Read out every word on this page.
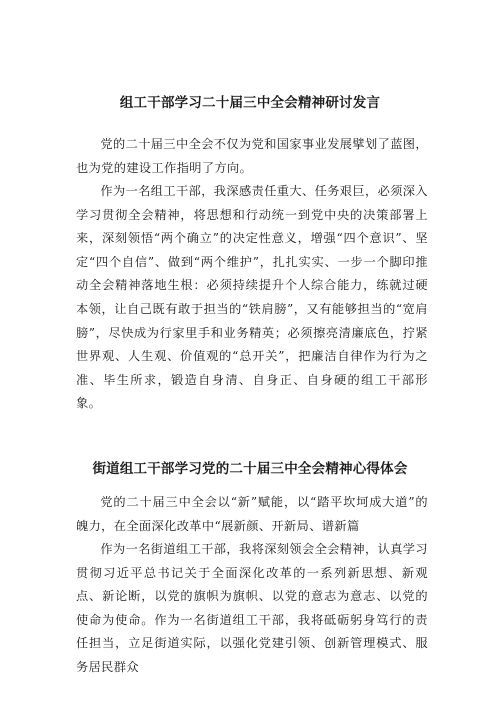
组工干部学习二十届三中全会精神研讨发言

党的二十届三中全会不仅为党和国家事业发展擘划了蓝图，也为党的建设工作指明了方向。

作为一名组工干部，我深感责任重大、任务艰巨，必须深入学习贯彻全会精神，将思想和行动统一到党中央的决策部署上来，深刻领悟“两个确立”的决定性意义，增强“四个意识”、坚定“四个自信”、做到“两个维护”，扎扎实实、一步一个脚印推动全会精神落地生根：必须持续提升个人综合能力，练就过硬本领，让自己既有敢于担当的“铁肩膀”，又有能够担当的“宽肩膀”，尽快成为行家里手和业务精英；必须擦亮清廉底色，拧紧世界观、人生观、价值观的“总开关”，把廉洁自律作为行为之准、毕生所求，锻造自身清、自身正、自身硬的组工干部形象。

街道组工干部学习党的二十届三中全会精神心得体会

党的二十届三中全会以“新”赋能，以“踏平坎坷成大道”的魄力，在全面深化改革中“展新颜、开新局、谱新篇

作为一名街道组工干部，我将深刻领会全会精神，认真学习贯彻习近平总书记关于全面深化改革的一系列新思想、新观点、新论断，以党的旗帜为旗帜、以党的意志为意志、以党的使命为使命。作为一名街道组工干部，我将砥砺躬身笃行的责任担当，立足街道实际，以强化党建引领、创新管理模式、服务居民群众
